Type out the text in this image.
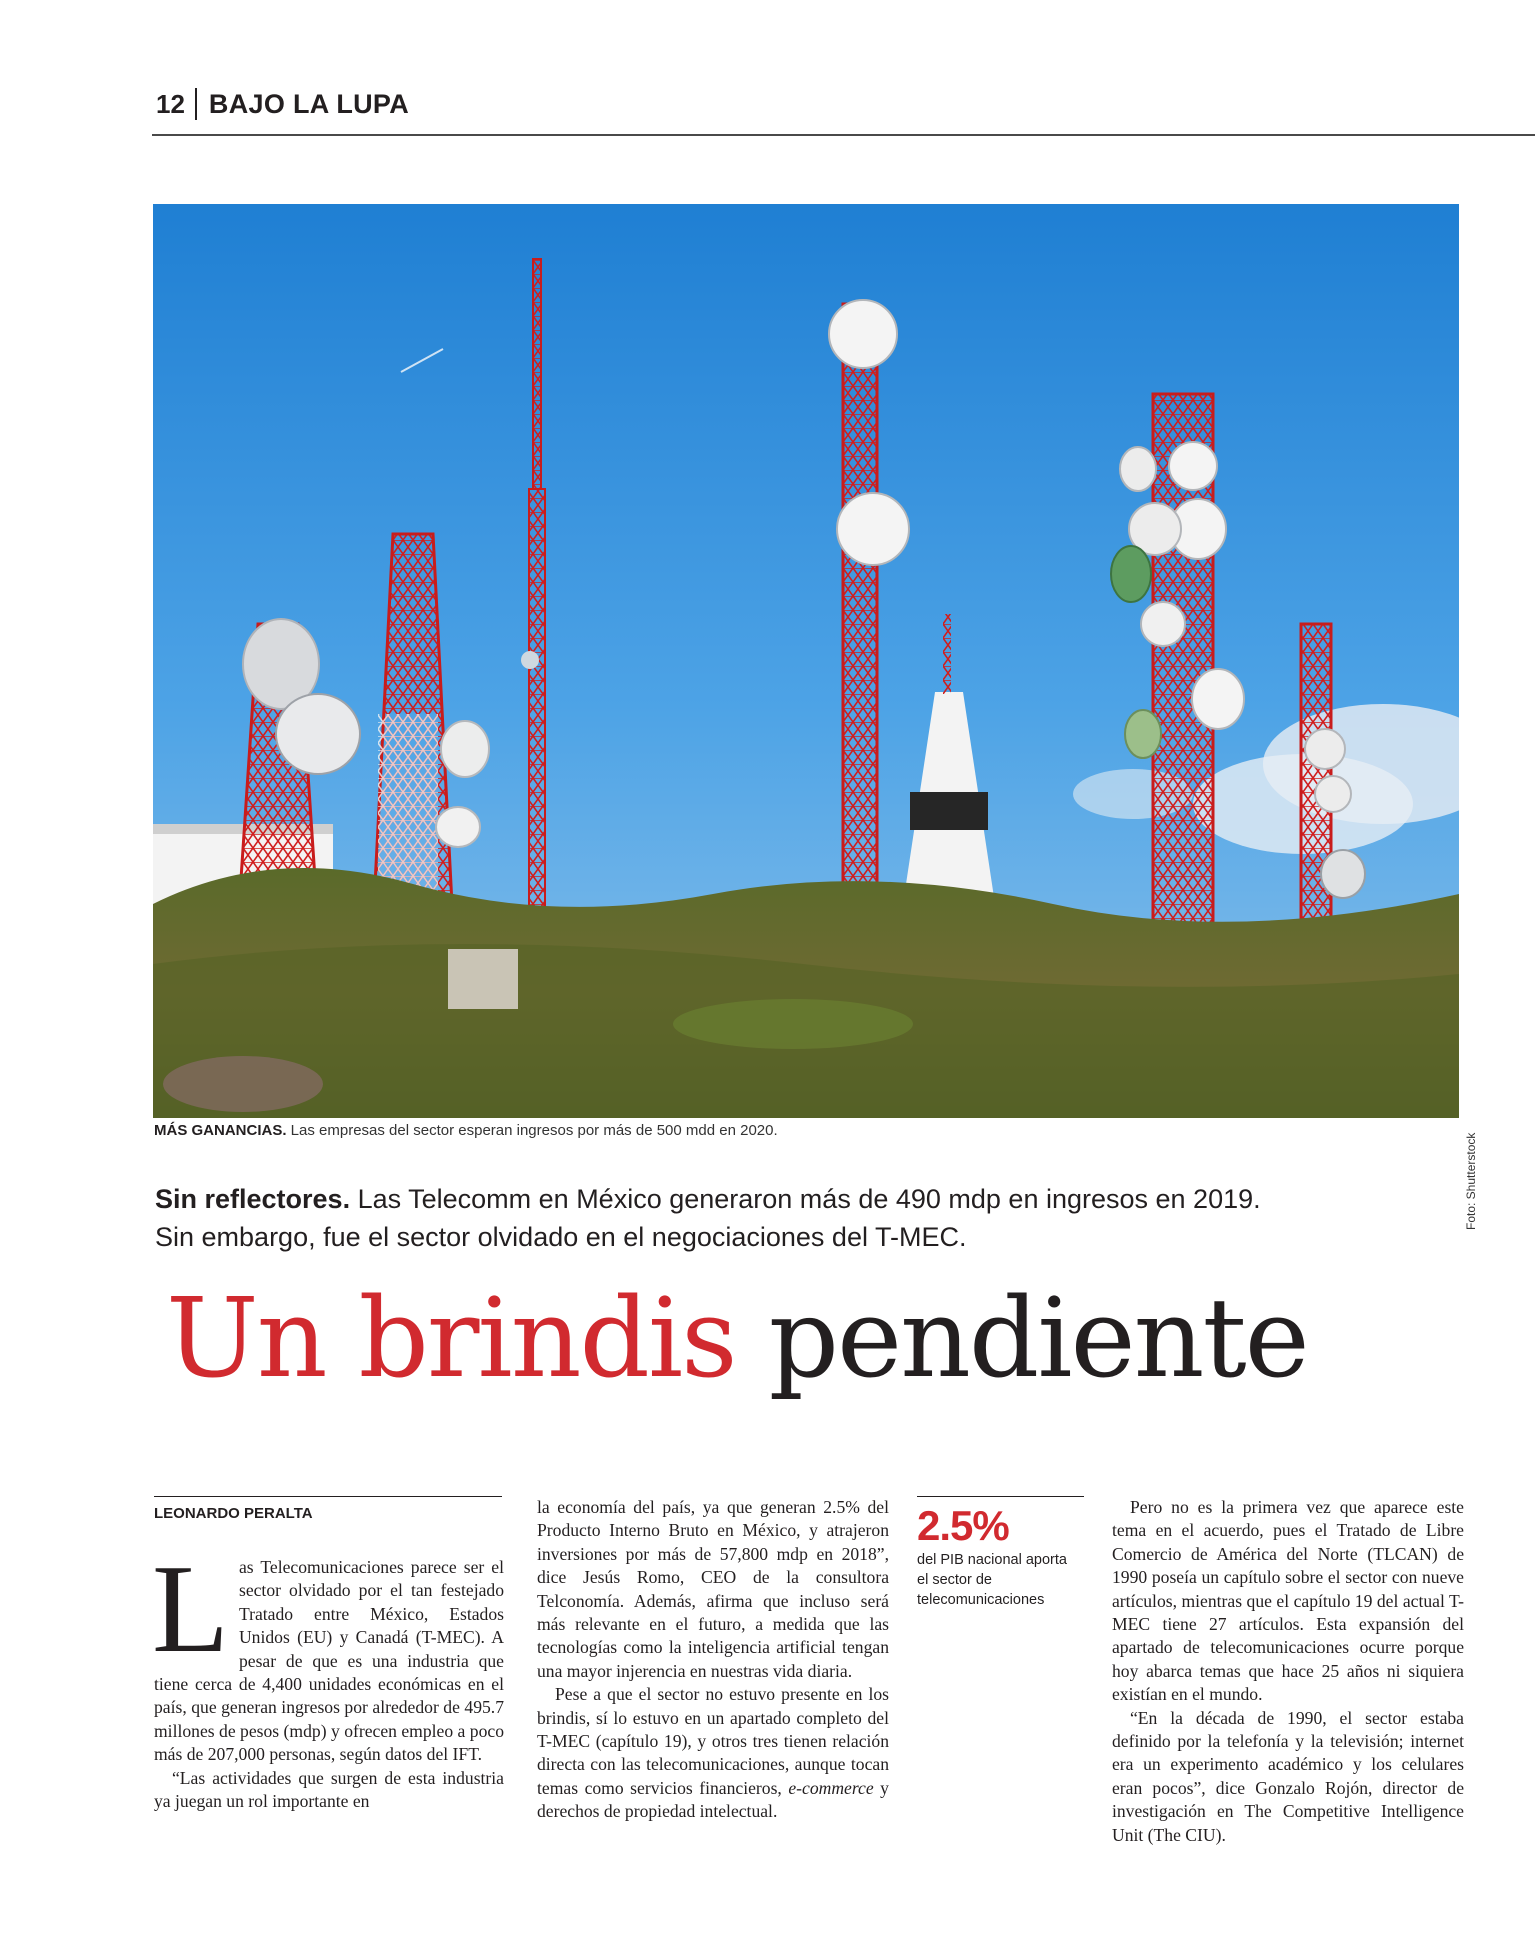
12 BAJO LA LUPA
Foto: Shutterstock
MÁS GANANCIAS. Las empresas del sector esperan ingresos por más de 500 mdd en 2020.
Sin reflectores. Las Telecomm en México generaron más de 490 mdp en ingresos en 2019.
Sin embargo, fue el sector olvidado en el negociaciones del T-MEC.
Un brindis pendiente
LEONARDO PERALTA

Las Telecomunicaciones parece ser el sector olvidado por el tan festejado Tratado entre México, Estados Unidos (EU) y Canadá (T-MEC). A pesar de que es una industria que tiene cerca de 4,400 unidades económicas en el país, que generan ingresos por alrededor de 495.7 millones de pesos (mdp) y ofrecen empleo a poco más de 207,000 personas, según datos del IFT.

“Las actividades que surgen de esta industria ya juegan un rol importante en

la economía del país, ya que generan 2.5% del Producto Interno Bruto en México, y atrajeron inversiones por más de 57,800 mdp en 2018”, dice Jesús Romo, CEO de la consultora Telconomía. Además, afirma que incluso será más relevante en el futuro, a medida que las tecnologías como la inteligencia artificial tengan una mayor injerencia en nuestras vida diaria.

Pese a que el sector no estuvo presente en los brindis, sí lo estuvo en un apartado completo del T-MEC (capítulo 19), y otros tres tienen relación directa con las telecomunicaciones, aunque tocan temas como servicios financieros, e-commerce y derechos de propiedad intelectual.

2.5%
del PIB nacional aporta el sector de telecomunicaciones

Pero no es la primera vez que aparece este tema en el acuerdo, pues el Tratado de Libre Comercio de América del Norte (TLCAN) de 1990 poseía un capítulo sobre el sector con nueve artículos, mientras que el capítulo 19 del actual T-MEC tiene 27 artículos. Esta expansión del apartado de telecomunicaciones ocurre porque hoy abarca temas que hace 25 años ni siquiera existían en el mundo.

“En la década de 1990, el sector estaba definido por la telefonía y la televisión; internet era un experimento académico y los celulares eran pocos”, dice Gonzalo Rojón, director de investigación en The Competitive Intelligence Unit (The CIU).
